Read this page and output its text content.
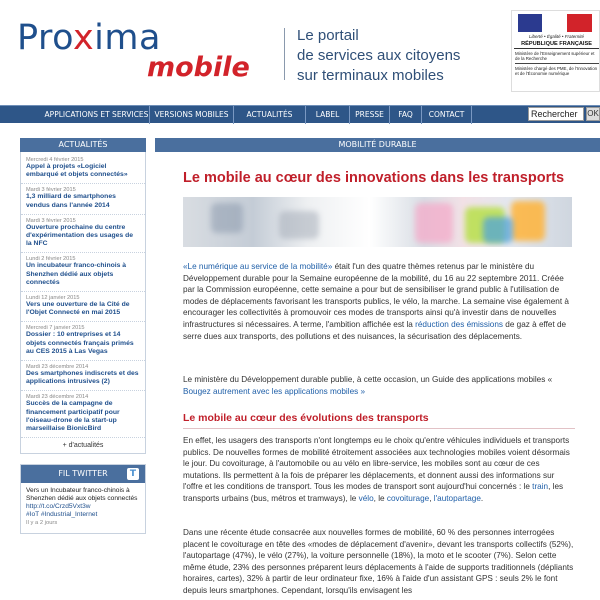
Proxima
mobile
Le portail
de services aux citoyens
sur terminaux mobiles
Liberté • Égalité • Fraternité
RÉPUBLIQUE FRANÇAISE
Ministère de l'Enseignement supérieur et de la Recherche
Ministère chargé des PME, de l'Innovation et de l'Économie numérique
APPLICATIONS ET SERVICES VERSIONS MOBILES	ACTUALITÉS	LABEL	PRESSE	FAQ	CONTACT
Rechercher	OK
ACTUALITÉS
Mercredi 4 février 2015
Appel à projets «Logiciel embarqué et objets connectés»
Mardi 3 février 2015
1,3 milliard de smartphones vendus dans l'année 2014
Mardi 3 février 2015
Ouverture prochaine du centre d'expérimentation des usages de la NFC
Lundi 2 février 2015
Un incubateur franco-chinois à Shenzhen dédié aux objets connectés
Lundi 12 janvier 2015
Vers une ouverture de la Cité de l'Objet Connecté en mai 2015
Mercredi 7 janvier 2015
Dossier : 10 entreprises et 14 objets connectés français primés au CES 2015 à Las Vegas
Mardi 23 décembre 2014
Des smartphones indiscrets et des applications intrusives (2)
Mardi 23 décembre 2014
Succès de la campagne de financement participatif pour l'oiseau-drone de la start-up marseillaise BionicBird
+ d'actualités
FIL TWITTER	T
Vers un Incubateur franco-chinois à Shenzhen dédié aux objets connectés
http://t.co/Crzd5Vxt3w
#IoT #Industrial_Internet
Il y a 2 jours
MOBILITÉ DURABLE
Le mobile au cœur des innovations dans les transports
«Le numérique au service de la mobilité» était l'un des quatre thèmes retenus par le ministère du Développement durable pour la Semaine européenne de la mobilité, du 16 au 22 septembre 2011. Créée par la Commission européenne, cette semaine a pour but de sensibiliser le grand public à l'utilisation de modes de déplacements favorisant les transports publics, le vélo, la marche. La semaine vise également à encourager les collectivités à promouvoir ces modes de transports ainsi qu'à investir dans de nouvelles infrastructures si nécessaires. A terme, l'ambition affichée est la réduction des émissions de gaz à effet de serre dues aux transports, des pollutions et des nuisances, la sécurisation des déplacements.
Le ministère du Développement durable publie, à cette occasion, un Guide des applications mobiles « Bougez autrement avec les applications mobiles »
Le mobile au cœur des évolutions des transports
En effet, les usagers des transports n'ont longtemps eu le choix qu'entre véhicules individuels et transports publics. De nouvelles formes de mobilité étroitement associées aux technologies mobiles voient désormais le jour. Du covoiturage, à l'automobile ou au vélo en libre-service, les mobiles sont au cœur de ces mutations. Ils permettent à la fois de préparer les déplacements, et donnent aussi des informations sur l'offre et les conditions de transport. Tous les modes de transport sont aujourd'hui concernés : le train, les transports urbains (bus, métros et tramways), le vélo, le covoiturage, l'autopartage.
Dans une récente étude consacrée aux nouvelles formes de mobilité, 60 % des personnes interrogées placent le covoiturage en tête des «modes de déplacement d'avenir», devant les transports collectifs (52%), l'autopartage (47%), le vélo (27%), la voiture personnelle (18%), la moto et le scooter (7%). Selon cette même étude, 23% des personnes préparent leurs déplacements à l'aide de supports traditionnels (dépliants horaires, cartes), 32% à partir de leur ordinateur fixe, 16% à l'aide d'un assistant GPS : seuls 2% le font depuis leurs smartphones. Cependant, lorsqu'ils envisagent les
